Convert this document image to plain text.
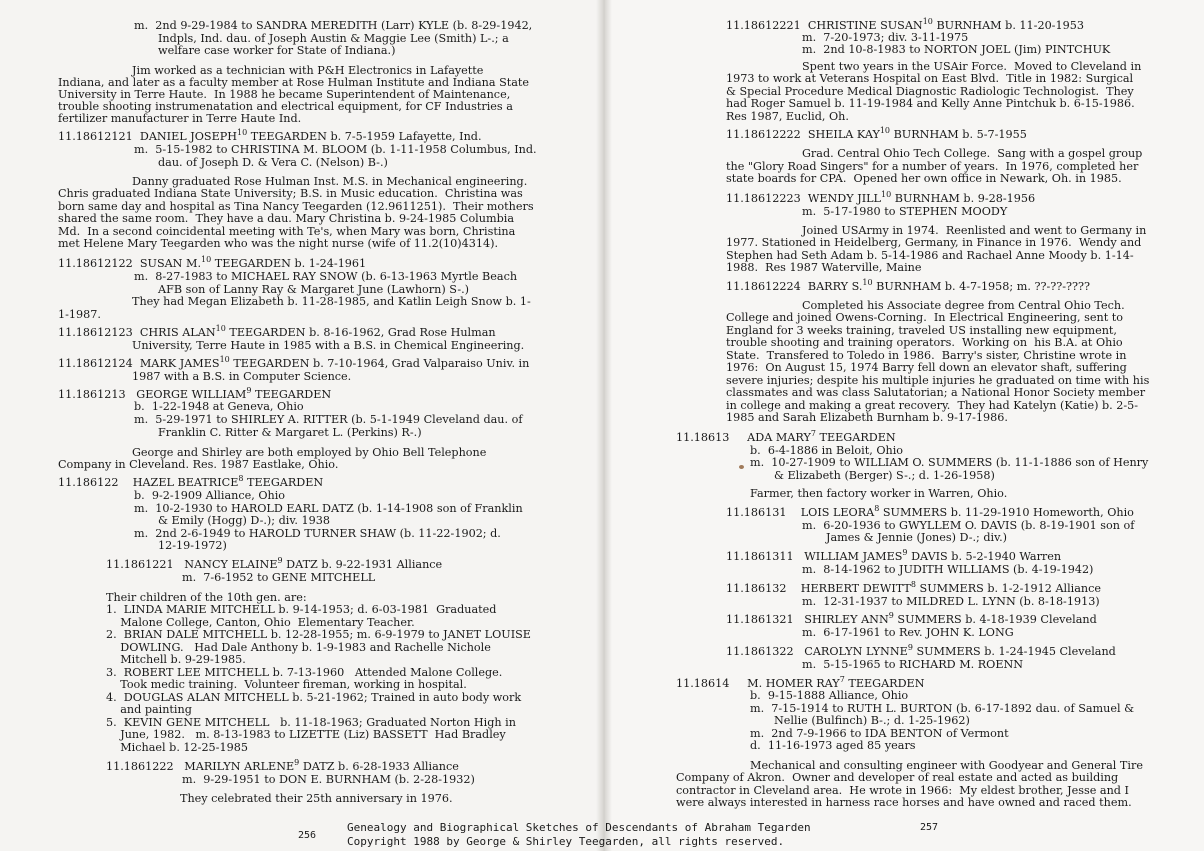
m.  2nd 9-29-1984 to SANDRA MEREDITH (Larr) KYLE (b. 8-29-1942,
Indpls, Ind. dau. of Joseph Austin & Maggie Lee (Smith) L-.; a
welfare case worker for State of Indiana.)
Jim worked as a technician with P&H Electronics in Lafayette
Indiana, and later as a faculty member at Rose Hulman Institute and Indiana State
University in Terre Haute.  In 1988 he became Superintendent of Maintenance,
trouble shooting instrumenatation and electrical equipment, for CF Industries a
fertilizer manufacturer in Terre Haute Ind.
11.18612121  DANIEL JOSEPH$^{10}$ TEEGARDEN b. 7-5-1959 Lafayette, Ind.
m.  5-15-1982 to CHRISTINA M. BLOOM (b. 1-11-1958 Columbus, Ind.
dau. of Joseph D. & Vera C. (Nelson) B-.)
Danny graduated Rose Hulman Inst. M.S. in Mechanical engineering.
Chris graduated Indiana State University; B.S. in Music education.  Christina was
born same day and hospital as Tina Nancy Teegarden (12.9611251).  Their mothers
shared the same room.  They have a dau. Mary Christina b. 9-24-1985 Columbia
Md.  In a second coincidental meeting with Te's, when Mary was born, Christina
met Helene Mary Teegarden who was the night nurse (wife of 11.2(10)4314).
11.18612122  SUSAN M.$^{10}$ TEEGARDEN b. 1-24-1961
m.  8-27-1983 to MICHAEL RAY SNOW (b. 6-13-1963 Myrtle Beach
AFB son of Lanny Ray & Margaret June (Lawhorn) S-.)
They had Megan Elizabeth b. 11-28-1985, and Katlin Leigh Snow b. 1-
1-1987.
11.18612123  CHRIS ALAN$^{10}$ TEEGARDEN b. 8-16-1962, Grad Rose Hulman
University, Terre Haute in 1985 with a B.S. in Chemical Engineering.
11.18612124  MARK JAMES$^{10}$ TEEGARDEN b. 7-10-1964, Grad Valparaiso Univ. in
1987 with a B.S. in Computer Science.
11.1861213   GEORGE WILLIAM$^9$ TEEGARDEN
b.  1-22-1948 at Geneva, Ohio
m.  5-29-1971 to SHIRLEY A. RITTER (b. 5-1-1949 Cleveland dau. of
Franklin C. Ritter & Margaret L. (Perkins) R-.)
George and Shirley are both employed by Ohio Bell Telephone
Company in Cleveland. Res. 1987 Eastlake, Ohio.
11.186122    HAZEL BEATRICE$^8$ TEEGARDEN
b.  9-2-1909 Alliance, Ohio
m.  10-2-1930 to HAROLD EARL DATZ (b. 1-14-1908 son of Franklin
& Emily (Hogg) D-.); div. 1938
m.  2nd 2-6-1949 to HAROLD TURNER SHAW (b. 11-22-1902; d.
12-19-1972)
11.1861221   NANCY ELAINE$^9$ DATZ b. 9-22-1931 Alliance
m.  7-6-1952 to GENE MITCHELL
Their children of the 10th gen. are:
1.  LINDA MARIE MITCHELL b. 9-14-1953; d. 6-03-1981  Graduated
Malone College, Canton, Ohio  Elementary Teacher.
2.  BRIAN DALE MITCHELL b. 12-28-1955; m. 6-9-1979 to JANET LOUISE
DOWLING.   Had Dale Anthony b. 1-9-1983 and Rachelle Nichole
Mitchell b. 9-29-1985.
3.  ROBERT LEE MITCHELL b. 7-13-1960   Attended Malone College.
Took medic training.  Volunteer fireman, working in hospital.
4.  DOUGLAS ALAN MITCHELL b. 5-21-1962; Trained in auto body work
and painting
5.  KEVIN GENE MITCHELL   b. 11-18-1963; Graduated Norton High in
June, 1982.   m. 8-13-1983 to LIZETTE (Liz) BASSETT  Had Bradley
Michael b. 12-25-1985
11.1861222   MARILYN ARLENE$^9$ DATZ b. 6-28-1933 Alliance
m.  9-29-1951 to DON E. BURNHAM (b. 2-28-1932)
They celebrated their 25th anniversary in 1976.
256
11.18612221  CHRISTINE SUSAN$^{10}$ BURNHAM b. 11-20-1953
m.  7-20-1973; div. 3-11-1975
m.  2nd 10-8-1983 to NORTON JOEL (Jim) PINTCHUK
Spent two years in the USAir Force.  Moved to Cleveland in
1973 to work at Veterans Hospital on East Blvd.  Title in 1982: Surgical
& Special Procedure Medical Diagnostic Radiologic Technologist.  They
had Roger Samuel b. 11-19-1984 and Kelly Anne Pintchuk b. 6-15-1986.
Res 1987, Euclid, Oh.
11.18612222  SHEILA KAY$^{10}$ BURNHAM b. 5-7-1955
Grad. Central Ohio Tech College.  Sang with a gospel group
the "Glory Road Singers" for a number of years.  In 1976, completed her
state boards for CPA.  Opened her own office in Newark, Oh. in 1985.
11.18612223  WENDY JILL$^{10}$ BURNHAM b. 9-28-1956
m.  5-17-1980 to STEPHEN MOODY
Joined USArmy in 1974.  Reenlisted and went to Germany in
1977. Stationed in Heidelberg, Germany, in Finance in 1976.  Wendy and
Stephen had Seth Adam b. 5-14-1986 and Rachael Anne Moody b. 1-14-
1988.  Res 1987 Waterville, Maine
11.18612224  BARRY S.$^{10}$ BURNHAM b. 4-7-1958; m. ??-??-????
Completed his Associate degree from Central Ohio Tech.
College and joined Owens-Corning.  In Electrical Engineering, sent to
England for 3 weeks training, traveled US installing new equipment,
trouble shooting and training operators.  Working on  his B.A. at Ohio
State.  Transfered to Toledo in 1986.  Barry's sister, Christine wrote in
1976:  On August 15, 1974 Barry fell down an elevator shaft, suffering
severe injuries; despite his multiple injuries he graduated on time with his
classmates and was class Salutatorian; a National Honor Society member
in college and making a great recovery.  They had Katelyn (Katie) b. 2-5-
1985 and Sarah Elizabeth Burnham b. 9-17-1986.
11.18613     ADA MARY$^7$ TEEGARDEN
b.  6-4-1886 in Beloit, Ohio
m.  10-27-1909 to WILLIAM O. SUMMERS (b. 11-1-1886 son of Henry
& Elizabeth (Berger) S-.; d. 1-26-1958)
Farmer, then factory worker in Warren, Ohio.
11.186131    LOIS LEORA$^8$ SUMMERS b. 11-29-1910 Homeworth, Ohio
m.  6-20-1936 to GWYLLEM O. DAVIS (b. 8-19-1901 son of
James & Jennie (Jones) D-.; div.)
11.1861311   WILLIAM JAMES$^9$ DAVIS b. 5-2-1940 Warren
m.  8-14-1962 to JUDITH WILLIAMS (b. 4-19-1942)
11.186132    HERBERT DEWITT$^8$ SUMMERS b. 1-2-1912 Alliance
m.  12-31-1937 to MILDRED L. LYNN (b. 8-18-1913)
11.1861321   SHIRLEY ANN$^9$ SUMMERS b. 4-18-1939 Cleveland
m.  6-17-1961 to Rev. JOHN K. LONG
11.1861322   CAROLYN LYNNE$^9$ SUMMERS b. 1-24-1945 Cleveland
m.  5-15-1965 to RICHARD M. ROENN
11.18614     M. HOMER RAY$^7$ TEEGARDEN
b.  9-15-1888 Alliance, Ohio
m.  7-15-1914 to RUTH L. BURTON (b. 6-17-1892 dau. of Samuel &
Nellie (Bulfinch) B-.; d. 1-25-1962)
m.  2nd 7-9-1966 to IDA BENTON of Vermont
d.  11-16-1973 aged 85 years
Mechanical and consulting engineer with Goodyear and General Tire
Company of Akron.  Owner and developer of real estate and acted as building
contractor in Cleveland area.  He wrote in 1966:  My eldest brother, Jesse and I
were always interested in harness race horses and have owned and raced them.
257
Genealogy and Biographical Sketches of Descendants of Abraham Tegarden
Copyright 1988 by George & Shirley Teegarden, all rights reserved.
